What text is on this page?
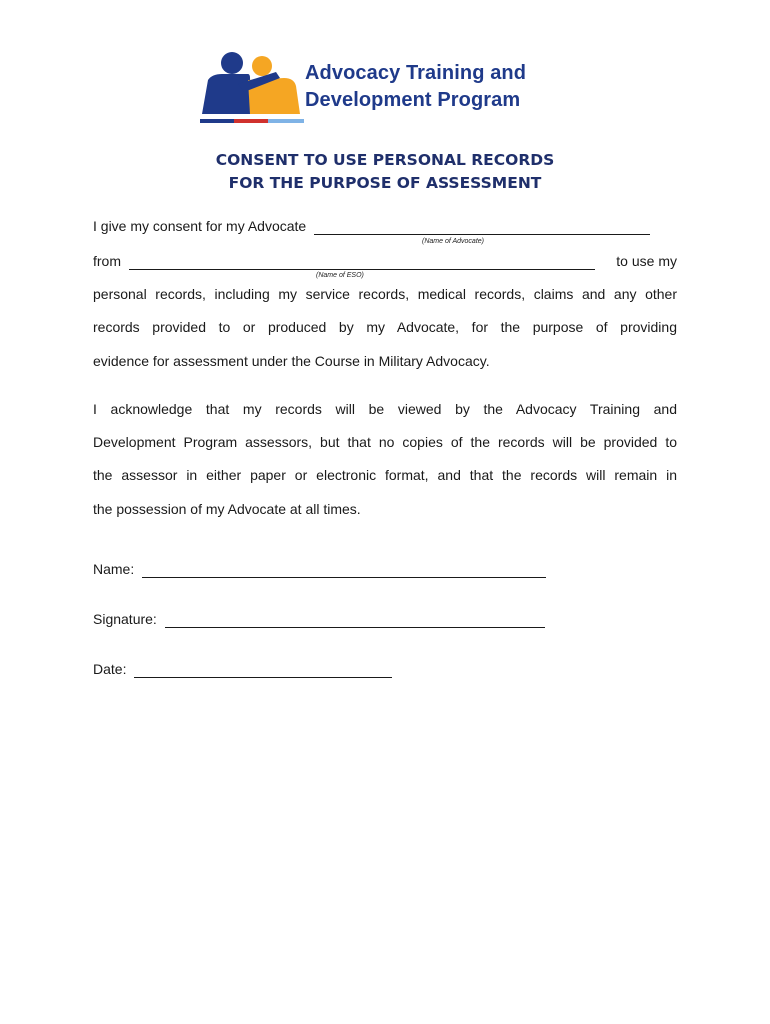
Advocacy Training and
Development Program
CONSENT TO USE PERSONAL RECORDS
FOR THE PURPOSE OF ASSESSMENT
I give my consent for my Advocate
(Name of Advocate)
from	to use my
(Name of ESO)
personal records, including my service records, medical records, claims and any other
records provided to or produced by my Advocate, for the purpose of providing
evidence for assessment under the Course in Military Advocacy.
I acknowledge that my records will be viewed by the Advocacy Training and
Development Program assessors, but that no copies of the records will be provided to
the assessor in either paper or electronic format, and that the records will remain in
the possession of my Advocate at all times.
Name:
Signature:
Date:
